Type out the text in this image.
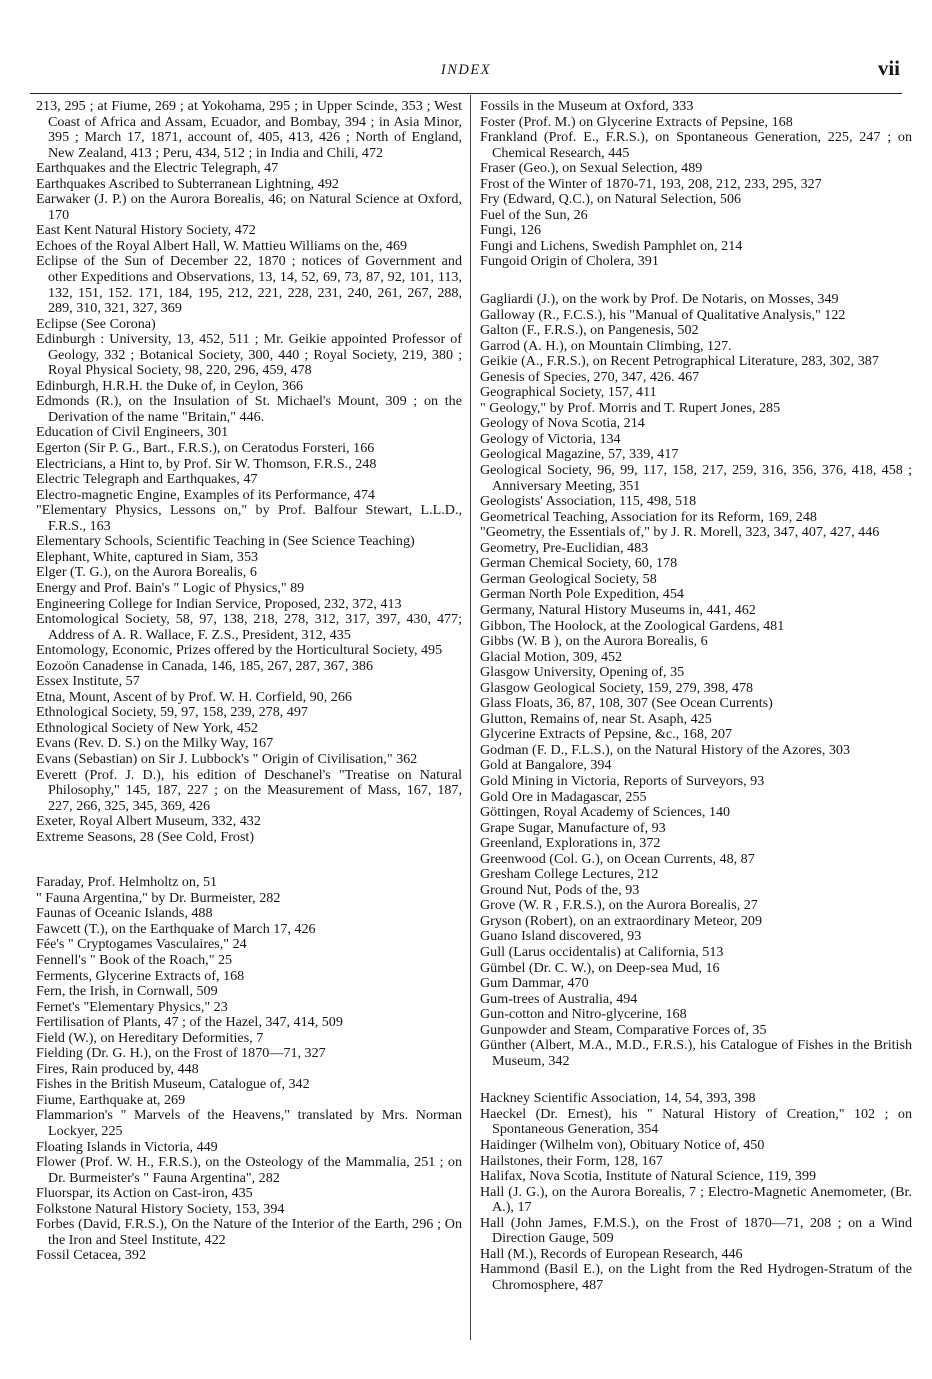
INDEX	vii

213, 295 ; at Fiume, 269 ; at Yokohama, 295 ; in Upper Scinde, 353 ; West Coast of Africa and Assam, Ecuador, and Bombay, 394 ; in Asia Minor, 395 ; March 17, 1871, account of, 405, 413, 426 ; North of England, New Zealand, 413 ; Peru, 434, 512 ; in India and Chili, 472

Earthquakes and the Electric Telegraph, 47

Earthquakes Ascribed to Subterranean Lightning, 492

Earwaker (J. P.) on the Aurora Borealis, 46; on Natural Science at Oxford, 170

East Kent Natural History Society, 472

Echoes of the Royal Albert Hall, W. Mattieu Williams on the, 469

Eclipse of the Sun of December 22, 1870 ; notices of Government and other Expeditions and Observations, 13, 14, 52, 69, 73, 87, 92, 101, 113, 132, 151, 152. 171, 184, 195, 212, 221, 228, 231, 240, 261, 267, 288, 289, 310, 321, 327, 369

Eclipse (See Corona)

Edinburgh : University, 13, 452, 511 ; Mr. Geikie appointed Professor of Geology, 332 ; Botanical Society, 300, 440 ; Royal Society, 219, 380 ; Royal Physical Society, 98, 220, 296, 459, 478

Edinburgh, H.R.H. the Duke of, in Ceylon, 366

Edmonds (R.), on the Insulation of St. Michael's Mount, 309 ; on the Derivation of the name "Britain," 446.

Education of Civil Engineers, 301

Egerton (Sir P. G., Bart., F.R.S.), on Ceratodus Forsteri, 166

Electricians, a Hint to, by Prof. Sir W. Thomson, F.R.S., 248

Electric Telegraph and Earthquakes, 47

Electro-magnetic Engine, Examples of its Performance, 474

"Elementary Physics, Lessons on," by Prof. Balfour Stewart, L.L.D., F.R.S., 163

Elementary Schools, Scientific Teaching in (See Science Teaching)

Elephant, White, captured in Siam, 353

Elger (T. G.), on the Aurora Borealis, 6

Energy and Prof. Bain's " Logic of Physics," 89

Engineering College for Indian Service, Proposed, 232, 372, 413

Entomological Society, 58, 97, 138, 218, 278, 312, 317, 397, 430, 477; Address of A. R. Wallace, F. Z.S., President, 312, 435

Entomology, Economic, Prizes offered by the Horticultural Society, 495

Eozoön Canadense in Canada, 146, 185, 267, 287, 367, 386

Essex Institute, 57

Etna, Mount, Ascent of by Prof. W. H. Corfield, 90, 266

Ethnological Society, 59, 97, 158, 239, 278, 497

Ethnological Society of New York, 452

Evans (Rev. D. S.) on the Milky Way, 167

Evans (Sebastian) on Sir J. Lubbock's " Origin of Civilisation," 362

Everett (Prof. J. D.), his edition of Deschanel's "Treatise on Natural Philosophy," 145, 187, 227 ; on the Measurement of Mass, 167, 187, 227, 266, 325, 345, 369, 426

Exeter, Royal Albert Museum, 332, 432

Extreme Seasons, 28 (See Cold, Frost)

Faraday, Prof. Helmholtz on, 51

" Fauna Argentina," by Dr. Burmeister, 282

Faunas of Oceanic Islands, 488

Fawcett (T.), on the Earthquake of March 17, 426

Fée's " Cryptogames Vasculaires," 24

Fennell's " Book of the Roach," 25

Ferments, Glycerine Extracts of, 168

Fern, the Irish, in Cornwall, 509

Fernet's "Elementary Physics," 23

Fertilisation of Plants, 47 ; of the Hazel, 347, 414, 509

Field (W.), on Hereditary Deformities, 7

Fielding (Dr. G. H.), on the Frost of 1870—71, 327

Fires, Rain produced by, 448

Fishes in the British Museum, Catalogue of, 342

Fiume, Earthquake at, 269

Flammarion's " Marvels of the Heavens," translated by Mrs. Norman Lockyer, 225

Floating Islands in Victoria, 449

Flower (Prof. W. H., F.R.S.), on the Osteology of the Mammalia, 251 ; on Dr. Burmeister's " Fauna Argentina", 282

Fluorspar, its Action on Cast-iron, 435

Folkstone Natural History Society, 153, 394

Forbes (David, F.R.S.), On the Nature of the Interior of the Earth, 296 ; On the Iron and Steel Institute, 422

Fossil Cetacea, 392

Fossils in the Museum at Oxford, 333

Foster (Prof. M.) on Glycerine Extracts of Pepsine, 168

Frankland (Prof. E., F.R.S.), on Spontaneous Generation, 225, 247 ; on Chemical Research, 445

Fraser (Geo.), on Sexual Selection, 489

Frost of the Winter of 1870-71, 193, 208, 212, 233, 295, 327

Fry (Edward, Q.C.), on Natural Selection, 506

Fuel of the Sun, 26

Fungi, 126

Fungi and Lichens, Swedish Pamphlet on, 214

Fungoid Origin of Cholera, 391

Gagliardi (J.), on the work by Prof. De Notaris, on Mosses, 349

Galloway (R., F.C.S.), his "Manual of Qualitative Analysis," 122

Galton (F., F.R.S.), on Pangenesis, 502

Garrod (A. H.), on Mountain Climbing, 127.

Geikie (A., F.R.S.), on Recent Petrographical Literature, 283, 302, 387

Genesis of Species, 270, 347, 426. 467

Geographical Society, 157, 411

" Geology," by Prof. Morris and T. Rupert Jones, 285

Geology of Nova Scotia, 214

Geology of Victoria, 134

Geological Magazine, 57, 339, 417

Geological Society, 96, 99, 117, 158, 217, 259, 316, 356, 376, 418, 458 ; Anniversary Meeting, 351

Geologists' Association, 115, 498, 518

Geometrical Teaching, Association for its Reform, 169, 248

"Geometry, the Essentials of," by J. R. Morell, 323, 347, 407, 427, 446

Geometry, Pre-Euclidian, 483

German Chemical Society, 60, 178

German Geological Society, 58

German North Pole Expedition, 454

Germany, Natural History Museums in, 441, 462

Gibbon, The Hoolock, at the Zoological Gardens, 481

Gibbs (W. B ), on the Aurora Borealis, 6

Glacial Motion, 309, 452

Glasgow University, Opening of, 35

Glasgow Geological Society, 159, 279, 398, 478

Glass Floats, 36, 87, 108, 307 (See Ocean Currents)

Glutton, Remains of, near St. Asaph, 425

Glycerine Extracts of Pepsine, &c., 168, 207

Godman (F. D., F.L.S.), on the Natural History of the Azores, 303

Gold at Bangalore, 394

Gold Mining in Victoria, Reports of Surveyors, 93

Gold Ore in Madagascar, 255

Göttingen, Royal Academy of Sciences, 140

Grape Sugar, Manufacture of, 93

Greenland, Explorations in, 372

Greenwood (Col. G.), on Ocean Currents, 48, 87

Gresham College Lectures, 212

Ground Nut, Pods of the, 93

Grove (W. R , F.R.S.), on the Aurora Borealis, 27

Gryson (Robert), on an extraordinary Meteor, 209

Guano Island discovered, 93

Gull (Larus occidentalis) at California, 513

Gümbel (Dr. C. W.), on Deep-sea Mud, 16

Gum Dammar, 470

Gum-trees of Australia, 494

Gun-cotton and Nitro-glycerine, 168

Gunpowder and Steam, Comparative Forces of, 35

Günther (Albert, M.A., M.D., F.R.S.), his Catalogue of Fishes in the British Museum, 342

Hackney Scientific Association, 14, 54, 393, 398

Haeckel (Dr. Ernest), his " Natural History of Creation," 102 ; on Spontaneous Generation, 354

Haidinger (Wilhelm von), Obituary Notice of, 450

Hailstones, their Form, 128, 167

Halifax, Nova Scotia, Institute of Natural Science, 119, 399

Hall (J. G.), on the Aurora Borealis, 7 ; Electro-Magnetic Anemometer, (Br. A.), 17

Hall (John James, F.M.S.), on the Frost of 1870—71, 208 ; on a Wind Direction Gauge, 509

Hall (M.), Records of European Research, 446

Hammond (Basil E.), on the Light from the Red Hydrogen-Stratum of the Chromosphere, 487
